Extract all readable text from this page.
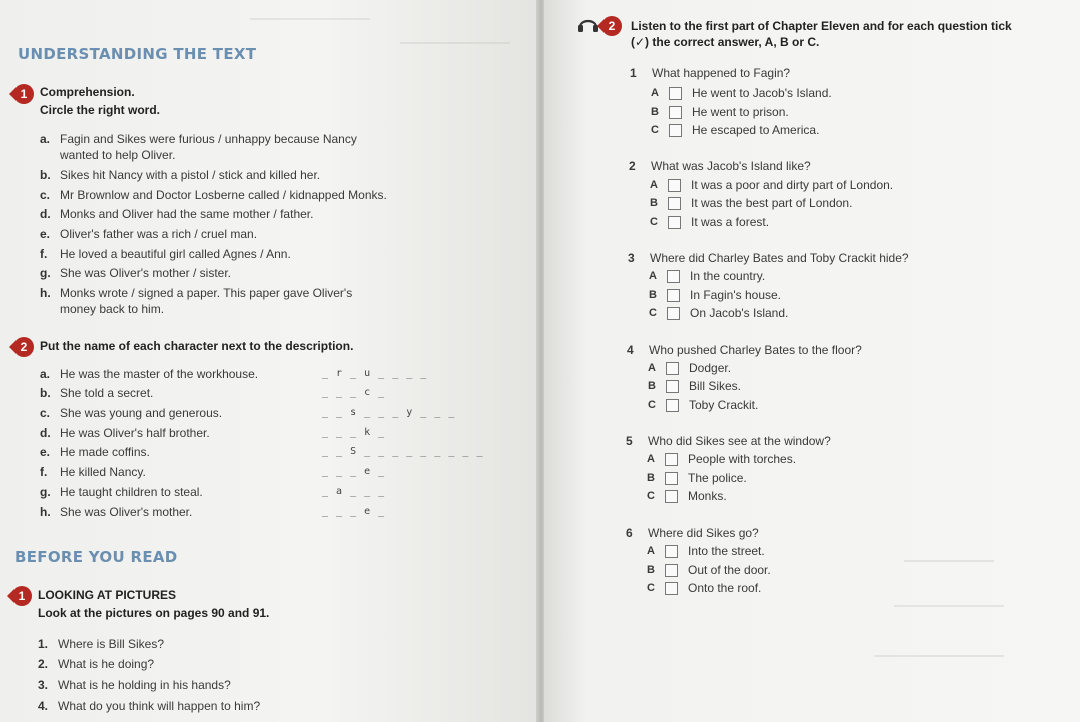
UNDERSTANDING THE TEXT
1	Comprehension.
Circle the right word.
a. Fagin and Sikes were furious / unhappy because Nancy
wanted to help Oliver.
b. Sikes hit Nancy with a pistol / stick and killed her.
c. Mr Brownlow and Doctor Losberne called / kidnapped Monks.
d. Monks and Oliver had the same mother / father.
e. Oliver's father was a rich / cruel man.
f. He loved a beautiful girl called Agnes / Ann.
g. She was Oliver's mother / sister.
h. Monks wrote / signed a paper. This paper gave Oliver's
money back to him.
2	Put the name of each character next to the description.
a. He was the master of the workhouse.	_ r _ u _ _ _ _
b. She told a secret.	_ _ _ c _
c. She was young and generous.	_ _ s _ _ _ y _ _ _
d. He was Oliver's half brother.	_ _ _ k _
e. He made coffins.	_ _ S _ _ _ _ _ _ _ _ _
f. He killed Nancy.	_ _ _ e _
g. He taught children to steal.	_ a _ _ _
h. She was Oliver's mother.	_ _ _ e _
BEFORE YOU READ
1	LOOKING AT PICTURES
Look at the pictures on pages 90 and 91.
1. Where is Bill Sikes?
2. What is he doing?
3. What is he holding in his hands?
4. What do you think will happen to him?
2	Listen to the first part of Chapter Eleven and for each question tick
(✓) the correct answer, A, B or C.
1 What happened to Fagin?
A	He went to Jacob's Island.
B	He went to prison.
C	He escaped to America.
2 What was Jacob's Island like?
A	It was a poor and dirty part of London.
B	It was the best part of London.
C	It was a forest.
3 Where did Charley Bates and Toby Crackit hide?
A	In the country.
B	In Fagin's house.
C	On Jacob's Island.
4 Who pushed Charley Bates to the floor?
A	Dodger.
B	Bill Sikes.
C	Toby Crackit.
5 Who did Sikes see at the window?
A	People with torches.
B	The police.
C	Monks.
6 Where did Sikes go?
A	Into the street.
B	Out of the door.
C	Onto the roof.
